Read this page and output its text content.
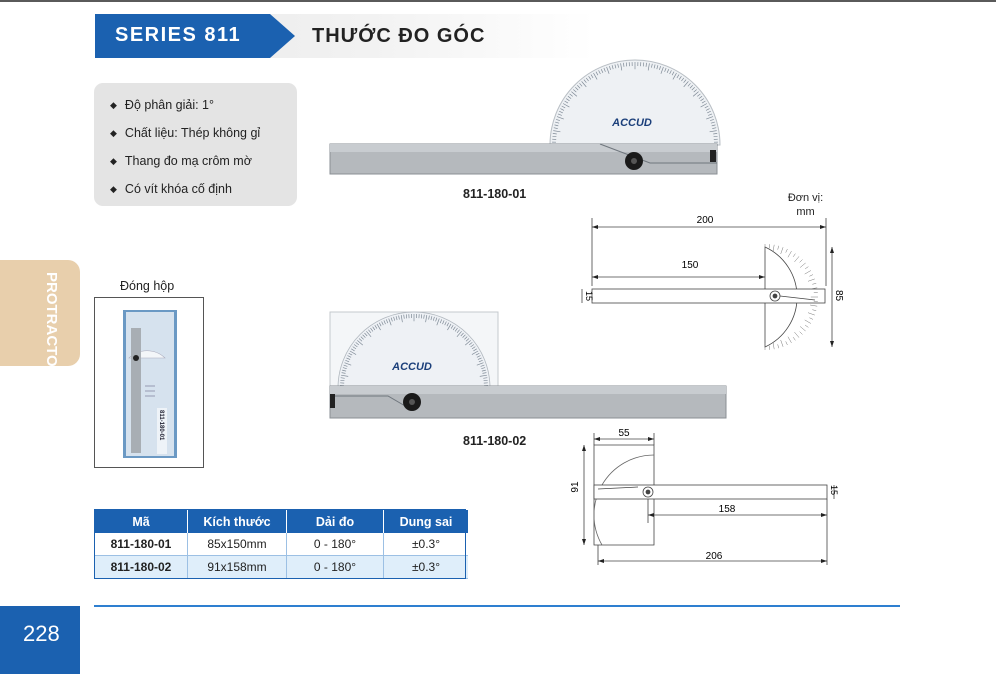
SERIES 811	THƯỚC ĐO GÓC
◆ Độ phân giải: 1°
◆ Chất liệu: Thép không gỉ
◆ Thang đo mạ crôm mờ
◆ Có vít khóa cố định
PROTRACTOR	Đóng hộp
811-180-01
ACCUD
811-180-01
ACCUD
811-180-02
Đơn vị:
mm
200
150
15	85
55
91	15
158
206
Mã	Kích thước	Dải đo	Dung sai
811-180-01	85x150mm	0 - 180°	±0.3°
811-180-02	91x158mm	0 - 180°	±0.3°
228
